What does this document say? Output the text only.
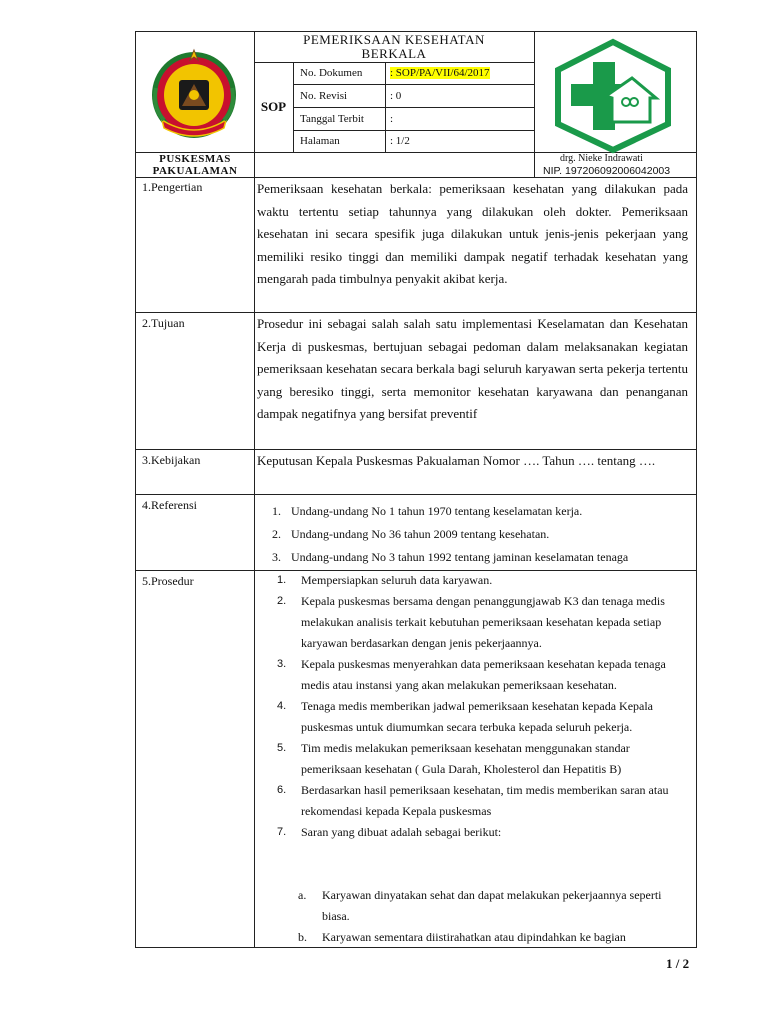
PUSKESMAS
PAKUALAMAN
PEMERIKSAAN KESEHATAN
BERKALA
SOP
No. Dokumen	: SOP/PA/VII/64/2017
No. Revisi	: 0
Tanggal Terbit :
Halaman	: 1/2
drg. Nieke Indrawati
NIP. 197206092006042003
1.Pengertian	Pemeriksaan kesehatan berkala: pemeriksaan kesehatan yang dilakukan pada waktu tertentu setiap tahunnya yang dilakukan oleh dokter. Pemeriksaan kesehatan ini secara spesifik juga dilakukan untuk jenis-jenis pekerjaan yang memiliki resiko tinggi dan memiliki dampak negatif terhadak kesehatan yang mengarah pada timbulnya penyakit akibat kerja.
2.Tujuan	Prosedur ini sebagai salah salah satu implementasi Keselamatan dan Kesehatan Kerja di puskesmas, bertujuan sebagai pedoman dalam melaksanakan kegiatan pemeriksaan kesehatan secara berkala bagi seluruh karyawan serta pekerja tertentu yang beresiko tinggi, serta memonitor kesehatan karyawana dan penanganan dampak negatifnya yang bersifat preventif
3.Kebijakan	Keputusan Kepala Puskesmas Pakualaman Nomor …. Tahun …. tentang ….
4.Referensi	1. Undang-undang No 1 tahun 1970 tentang keselamatan kerja.
2. Undang-undang No 36 tahun 2009 tentang kesehatan.
3. Undang-undang No 3 tahun 1992 tentang jaminan keselamatan tenaga
5.Prosedur	1. Mempersiapkan seluruh data karyawan.
2. Kepala puskesmas bersama dengan penanggungjawab K3 dan tenaga medis melakukan analisis terkait kebutuhan pemeriksaan kesehatan kepada setiap karyawan berdasarkan dengan jenis pekerjaannya.
3. Kepala puskesmas menyerahkan data pemeriksaan kesehatan kepada tenaga medis atau instansi yang akan melakukan pemeriksaan kesehatan.
4. Tenaga medis memberikan jadwal pemeriksaan kesehatan kepada Kepala puskesmas untuk diumumkan secara terbuka kepada seluruh pekerja.
5. Tim medis melakukan pemeriksaan kesehatan menggunakan standar pemeriksaan kesehatan ( Gula Darah, Kholesterol dan Hepatitis B)
6. Berdasarkan hasil pemeriksaan kesehatan, tim medis memberikan saran atau rekomendasi kepada Kepala puskesmas
7. Saran yang dibuat adalah sebagai berikut:
a. Karyawan dinyatakan sehat dan dapat melakukan pekerjaannya seperti biasa.
b. Karyawan sementara diistirahatkan atau dipindahkan ke bagian
1 / 2
